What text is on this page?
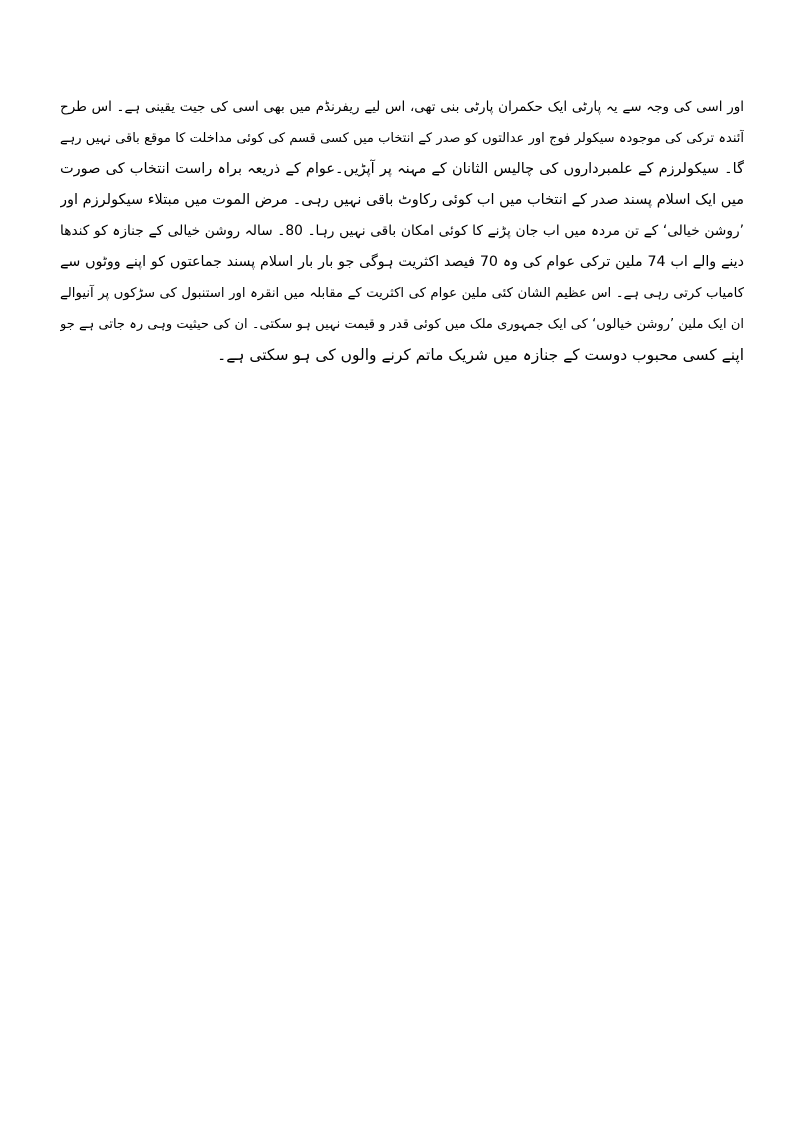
اور اسی کی وجہ سے یہ پارٹی ایک حکمران پارٹی بنی تھی، اس لیے ریفرنڈم میں بھی اسی کی جیت یقینی ہے۔ اس طرح
آئندہ ترکی کی موجودہ سیکولر فوج اور عدالتوں کو صدر کے انتخاب میں کسی قسم کی کوئی مداخلت کا موقع باقی نہیں رہے
گا۔ سیکولرزم کے علمبرداروں کی چالیس الثانان کے مہنہ پر آپڑیں۔عوام کے ذریعہ براہ راست انتخاب کی صورت
میں ایک اسلام پسند صدر کے انتخاب میں اب کوئی رکاوٹ باقی نہیں رہی۔ مرض الموت میں مبتلاء سیکولرزم اور
’روشن خیالی‘ کے تن مردہ میں اب جان پڑنے کا کوئی امکان باقی نہیں رہا۔ 80۔ سالہ روشن خیالی کے جنازہ کو کندھا
دینے والے اب 74 ملین ترکی عوام کی وہ 70 فیصد اکثریت ہوگی جو بار بار اسلام پسند جماعتوں کو اپنے ووٹوں سے
کامیاب کرتی رہی ہے۔ اس عظیم الشان کئی ملین عوام کی اکثریت کے مقابلہ میں انقرہ اور استنبول کی سڑکوں پر آنیوالے
ان ایک ملین ’روشن خیالوں‘ کی ایک جمہوری ملک میں کوئی قدر و قیمت نہیں ہو سکتی۔ ان کی حیثیت وہی رہ جاتی ہے جو
اپنے کسی محبوب دوست کے جنازہ میں شریک ماتم کرنے والوں کی ہو سکتی ہے۔
